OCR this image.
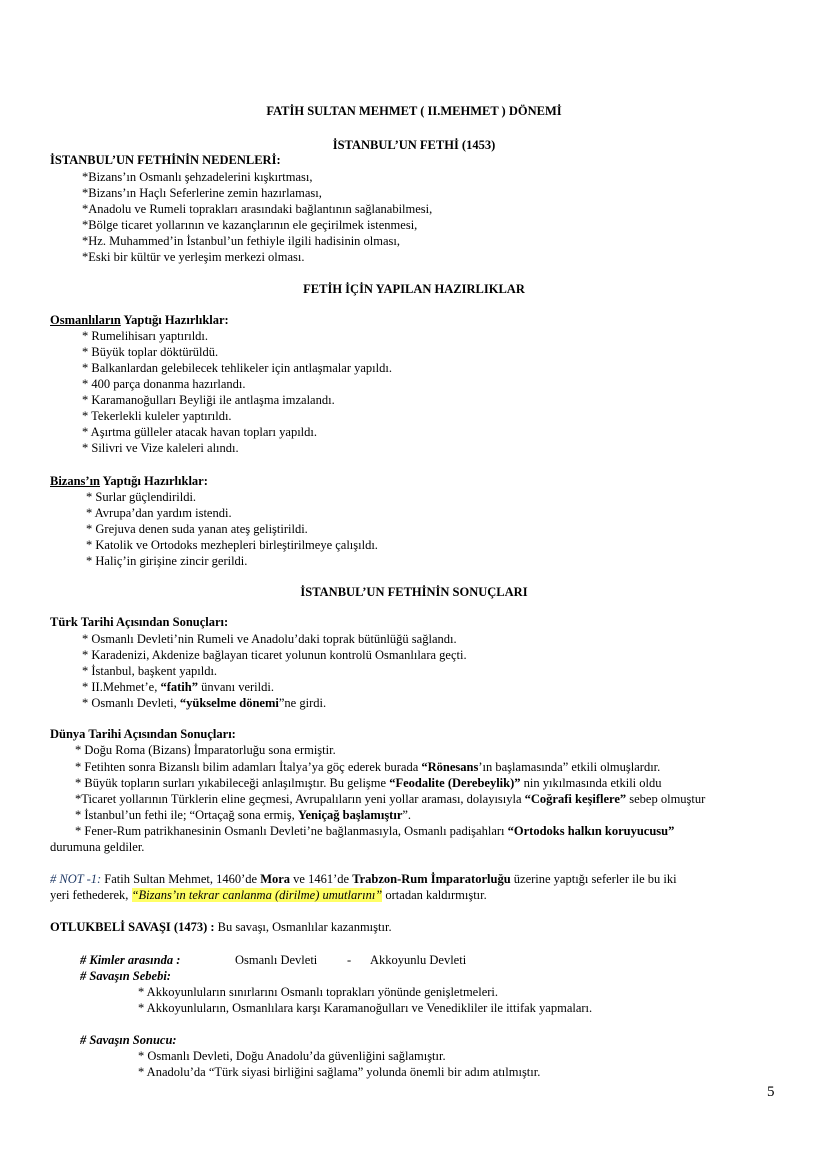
FATİH SULTAN MEHMET ( II.MEHMET ) DÖNEMİ
İSTANBUL’UN FETHİ (1453)
İSTANBUL’UN FETHİNİN NEDENLERİ:
*Bizans’ın Osmanlı şehzadelerini kışkırtması,
*Bizans’ın Haçlı Seferlerine zemin hazırlaması,
*Anadolu ve Rumeli toprakları arasındaki bağlantının sağlanabilmesi,
*Bölge ticaret yollarının ve kazançlarının ele geçirilmek istenmesi,
*Hz. Muhammed’in İstanbul’un fethiyle ilgili hadisinin olması,
*Eski bir kültür ve yerleşim merkezi olması.
FETİH İÇİN YAPILAN HAZIRLIKLAR
Osmanlıların Yaptığı Hazırlıklar:
* Rumelihisarı yaptırıldı.
* Büyük toplar döktürüldü.
* Balkanlardan gelebilecek tehlikeler için antlaşmalar yapıldı.
* 400 parça donanma hazırlandı.
* Karamanoğulları Beyliği ile antlaşma imzalandı.
* Tekerlekli kuleler yaptırıldı.
* Aşırtma gülleler atacak havan topları yapıldı.
* Silivri ve Vize kaleleri alındı.
Bizans’ın Yaptığı Hazırlıklar:
* Surlar güçlendirildi.
* Avrupa’dan yardım istendi.
* Grejuva denen suda yanan ateş geliştirildi.
* Katolik ve Ortodoks mezhepleri birleştirilmeye çalışıldı.
* Haliç’in girişine zincir gerildi.
İSTANBUL’UN FETHİNİN SONUÇLARI
Türk Tarihi Açısından Sonuçları:
* Osmanlı Devleti’nin Rumeli ve Anadolu’daki toprak bütünlüğü sağlandı.
* Karadenizi, Akdenize bağlayan ticaret yolunun kontrolü Osmanlılara geçti.
* İstanbul, başkent yapıldı.
* II.Mehmet’e, “fatih” ünvanı verildi.
* Osmanlı Devleti, “yükselme dönemi”ne girdi.
Dünya Tarihi Açısından Sonuçları:
* Doğu Roma (Bizans) İmparatorluğu sona ermiştir.
* Fetihten sonra Bizanslı bilim adamları İtalya’ya göç ederek burada “Rönesans’ın başlamasında” etkili olmuşlardır.
* Büyük topların surları yıkabileceği anlaşılmıştır. Bu gelişme “Feodalite (Derebeylik)” nin yıkılmasında etkili oldu
*Ticaret yollarının Türklerin eline geçmesi, Avrupalıların yeni yollar araması, dolayısıyla “Coğrafi keşiflere” sebep olmuştur
* İstanbul’un fethi ile; “Ortaçağ sona ermiş, Yeniçağ başlamıştır”.
* Fener-Rum patrikhanesinin Osmanlı Devleti’ne bağlanmasıyla, Osmanlı padişahları “Ortodoks halkın koruyucusu”
durumuna geldiler.
# NOT -1: Fatih Sultan Mehmet, 1460’de Mora ve 1461’de Trabzon-Rum İmparatorluğu üzerine yaptığı seferler ile bu iki
yeri fethederek, “Bizans’ın tekrar canlanma (dirilme) umutlarını” ortadan kaldırmıştır.
OTLUKBELİ SAVAŞI (1473) : Bu savaşı, Osmanlılar kazanmıştır.
# Kimler arasında :	Osmanlı Devleti - Akkoyunlu Devleti
# Savaşın Sebebi:
* Akkoyunluların sınırlarını Osmanlı toprakları yönünde genişletmeleri.
* Akkoyunluların, Osmanlılara karşı Karamanoğulları ve Venedikliler ile ittifak yapmaları.
# Savaşın Sonucu:
* Osmanlı Devleti, Doğu Anadolu’da güvenliğini sağlamıştır.
* Anadolu’da “Türk siyasi birliğini sağlama” yolunda önemli bir adım atılmıştır.
5
